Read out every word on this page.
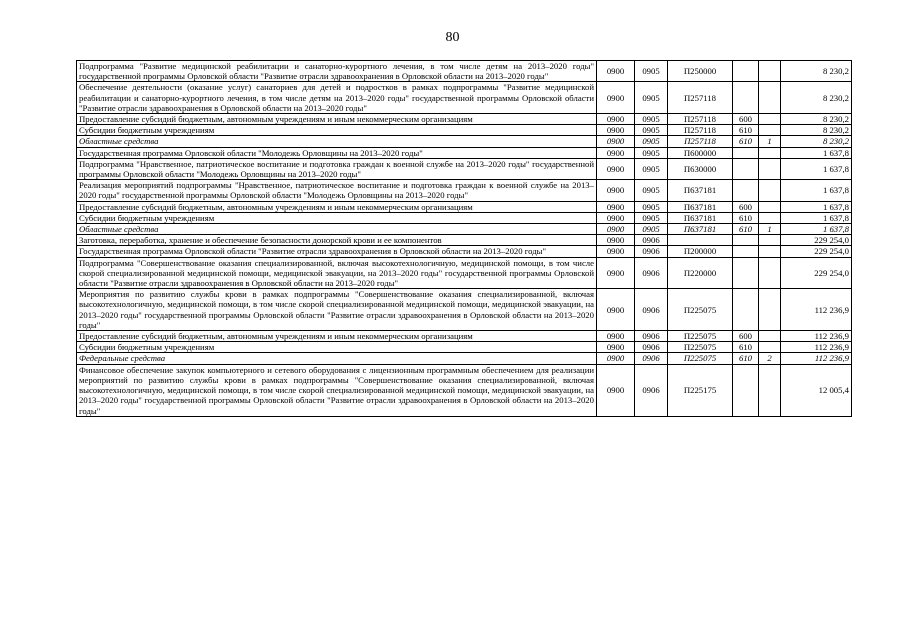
80
Подпрограмма "Развитие медицинской реабилитации и санаторно-курортного лечения, в том числе детям на 2013–2020 годы" государственной программы Орловской области "Развитие отрасли здравоохранения в Орловской области на 2013–2020 годы"	0900	0905	П250000			8 230,2
Обеспечение деятельности (оказание услуг) санаториев для детей и подростков в рамках подпрограммы "Развитие медицинской реабилитации и санаторно-курортного лечения, в том числе детям на 2013–2020 годы" государственной программы Орловской области "Развитие отрасли здравоохранения в Орловской области на 2013–2020 годы"	0900	0905	П257118			8 230,2
Предоставление субсидий бюджетным, автономным учреждениям и иным некоммерческим организациям	0900	0905	П257118	600		8 230,2
Субсидии бюджетным учреждениям	0900	0905	П257118	610		8 230,2
Областные средства	0900	0905	П257118	610	1	8 230,2
Государственная программа Орловской области "Молодежь Орловщины на 2013–2020 годы"	0900	0905	П600000			1 637,8
Подпрограмма "Нравственное, патриотическое воспитание и подготовка граждан к военной службе на 2013–2020 годы" государственной программы Орловской области "Молодежь Орловщины на 2013–2020 годы"	0900	0905	П630000			1 637,8
Реализация мероприятий подпрограммы "Нравственное, патриотическое воспитание и подготовка граждан к военной службе на 2013–2020 годы" государственной программы Орловской области "Молодежь Орловщины на 2013–2020 годы"	0900	0905	П637181			1 637,8
Предоставление субсидий бюджетным, автономным учреждениям и иным некоммерческим организациям	0900	0905	П637181	600		1 637,8
Субсидии бюджетным учреждениям	0900	0905	П637181	610		1 637,8
Областные средства	0900	0905	П637181	610	1	1 637,8
Заготовка, переработка, хранение и обеспечение безопасности донорской крови и ее компонентов	0900	0906				229 254,0
Государственная программа Орловской области "Развитие отрасли здравоохранения в Орловской области на 2013–2020 годы"	0900	0906	П200000			229 254,0
Подпрограмма "Совершенствование оказания специализированной, включая высокотехнологичную, медицинской помощи, в том числе скорой специализированной медицинской помощи, медицинской эвакуации, на 2013–2020 годы" государственной программы Орловской области "Развитие отрасли здравоохранения в Орловской области на 2013–2020 годы"	0900	0906	П220000			229 254,0
Мероприятия по развитию службы крови в рамках подпрограммы "Совершенствование оказания специализированной, включая высокотехнологичную, медицинской помощи, в том числе скорой специализированной медицинской помощи, медицинской эвакуации, на 2013–2020 годы" государственной программы Орловской области "Развитие отрасли здравоохранения в Орловской области на 2013–2020 годы"	0900	0906	П225075			112 236,9
Предоставление субсидий бюджетным, автономным учреждениям и иным некоммерческим организациям	0900	0906	П225075	600		112 236,9
Субсидии бюджетным учреждениям	0900	0906	П225075	610		112 236,9
Федеральные средства	0900	0906	П225075	610	2	112 236,9
Финансовое обеспечение закупок компьютерного и сетевого оборудования с лицензионным программным обеспечением для реализации мероприятий по развитию службы крови в рамках подпрограммы "Совершенствование оказания специализированной, включая высокотехнологичную, медицинской помощи, в том числе скорой специализированной медицинской помощи, медицинской эвакуации, на 2013–2020 годы" государственной программы Орловской области "Развитие отрасли здравоохранения в Орловской области на 2013–2020 годы"	0900	0906	П225175			12 005,4
